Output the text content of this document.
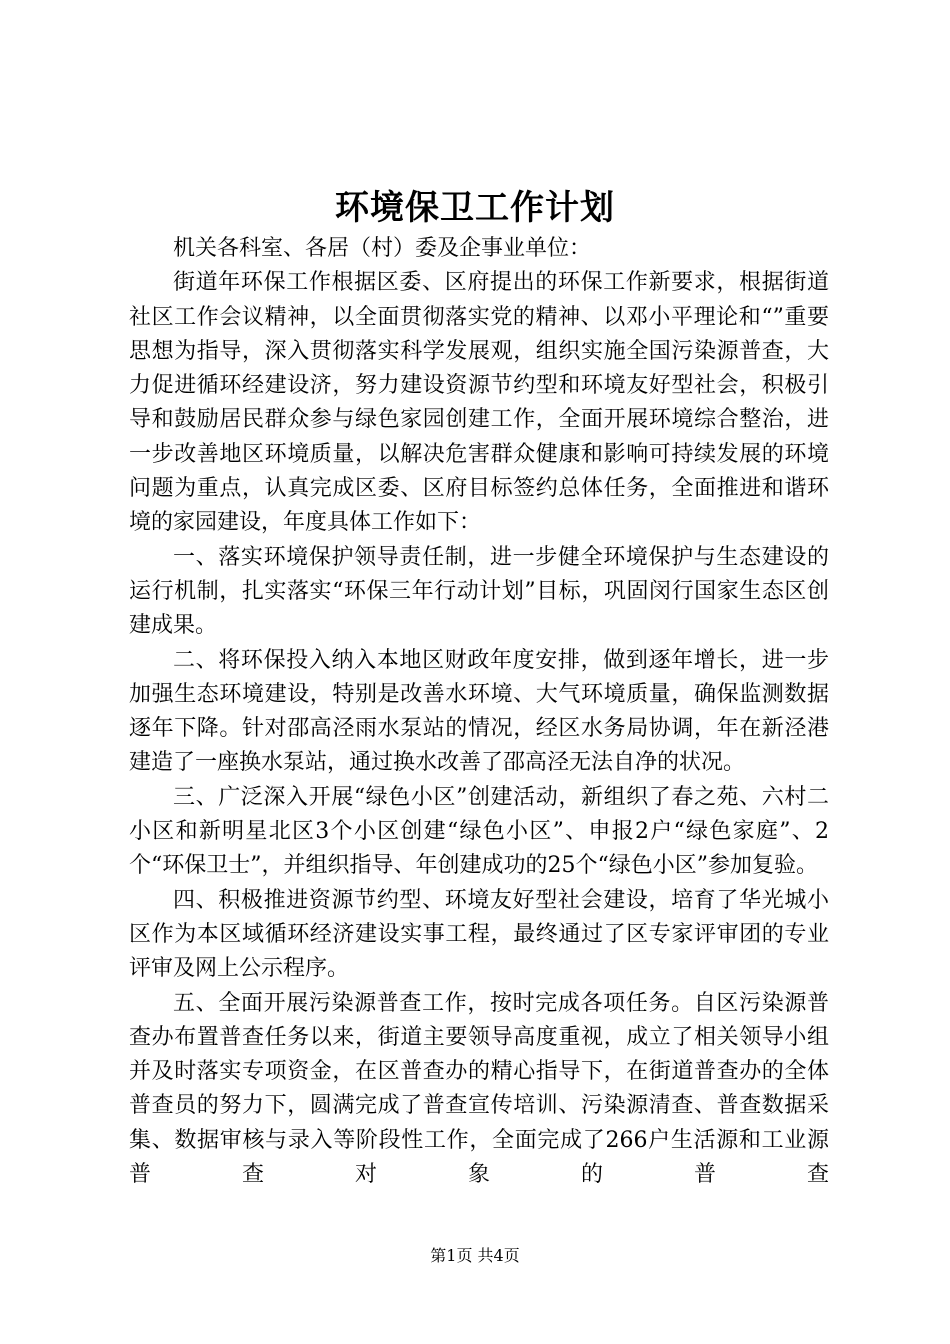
环境保卫工作计划

机关各科室、各居（村）委及企事业单位：

街道年环保工作根据区委、区府提出的环保工作新要求，根据街道社区工作会议精神，以全面贯彻落实党的精神、以邓小平理论和“”重要思想为指导，深入贯彻落实科学发展观，组织实施全国污染源普查，大力促进循环经建设济，努力建设资源节约型和环境友好型社会，积极引导和鼓励居民群众参与绿色家园创建工作，全面开展环境综合整治，进一步改善地区环境质量，以解决危害群众健康和影响可持续发展的环境问题为重点，认真完成区委、区府目标签约总体任务，全面推进和谐环境的家园建设，年度具体工作如下：

一、落实环境保护领导责任制，进一步健全环境保护与生态建设的运行机制，扎实落实“环保三年行动计划”目标，巩固闵行国家生态区创建成果。

二、将环保投入纳入本地区财政年度安排，做到逐年增长，进一步加强生态环境建设，特别是改善水环境、大气环境质量，确保监测数据逐年下降。针对邵高泾雨水泵站的情况，经区水务局协调，年在新泾港建造了一座换水泵站，通过换水改善了邵高泾无法自净的状况。

三、广泛深入开展“绿色小区”创建活动，新组织了春之苑、六村二小区和新明星北区3个小区创建“绿色小区”、申报2户“绿色家庭”、2个“环保卫士”，并组织指导、年创建成功的25个“绿色小区”参加复验。

四、积极推进资源节约型、环境友好型社会建设，培育了华光城小区作为本区域循环经济建设实事工程，最终通过了区专家评审团的专业评审及网上公示程序。

五、全面开展污染源普查工作，按时完成各项任务。自区污染源普查办布置普查任务以来，街道主要领导高度重视，成立了相关领导小组并及时落实专项资金，在区普查办的精心指导下，在街道普查办的全体普查员的努力下，圆满完成了普查宣传培训、污染源清查、普查数据采集、数据审核与录入等阶段性工作，全面完成了266户生活源和工业源普查对象的普查

第1页 共4页
